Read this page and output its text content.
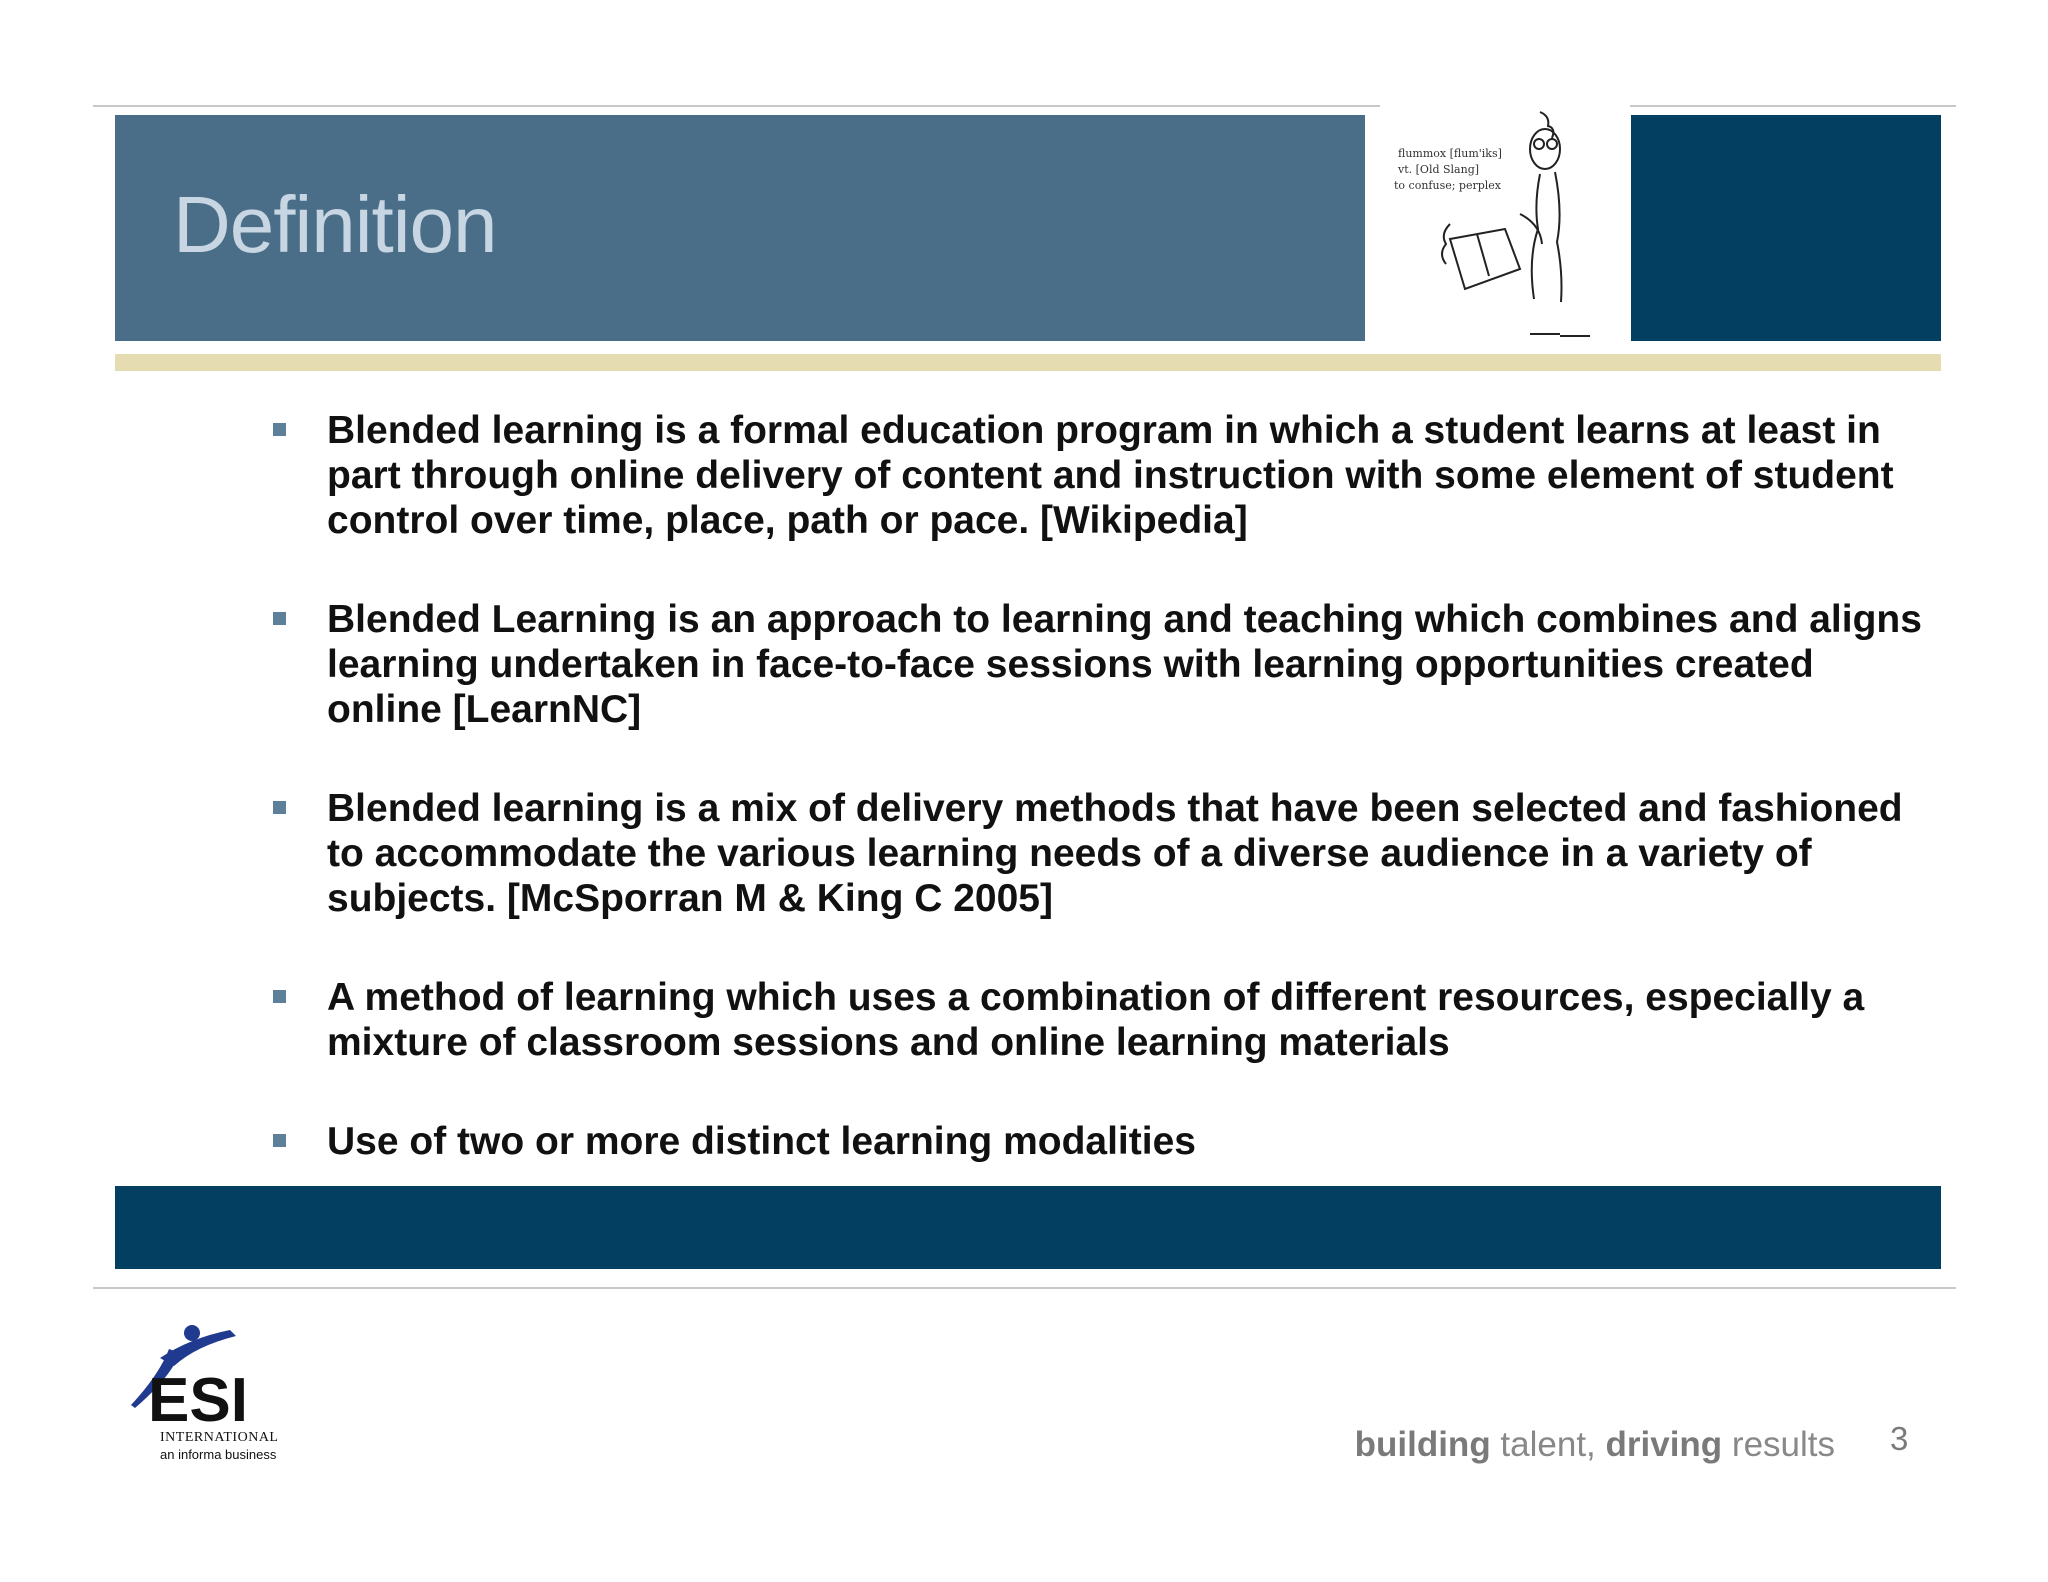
Definition
flummox [flum'iks]
vt. [Old Slang]
to confuse; perplex
Blended learning is a formal education program in which a student learns at least in part through online delivery of content and instruction with some element of student control over time, place, path or pace. [Wikipedia]
Blended Learning is an approach to learning and teaching which combines and aligns learning undertaken in face-to-face sessions with learning opportunities created online [LearnNC]
Blended learning is a mix of delivery methods that have been selected and fashioned to accommodate the various learning needs of a diverse audience in a variety of subjects. [McSporran M & King C 2005]
A method of learning which uses a combination of different resources, especially a mixture of classroom sessions and online learning materials
Use of two or more distinct learning modalities
ESI
INTERNATIONAL
an informa business	building talent, driving results 3
